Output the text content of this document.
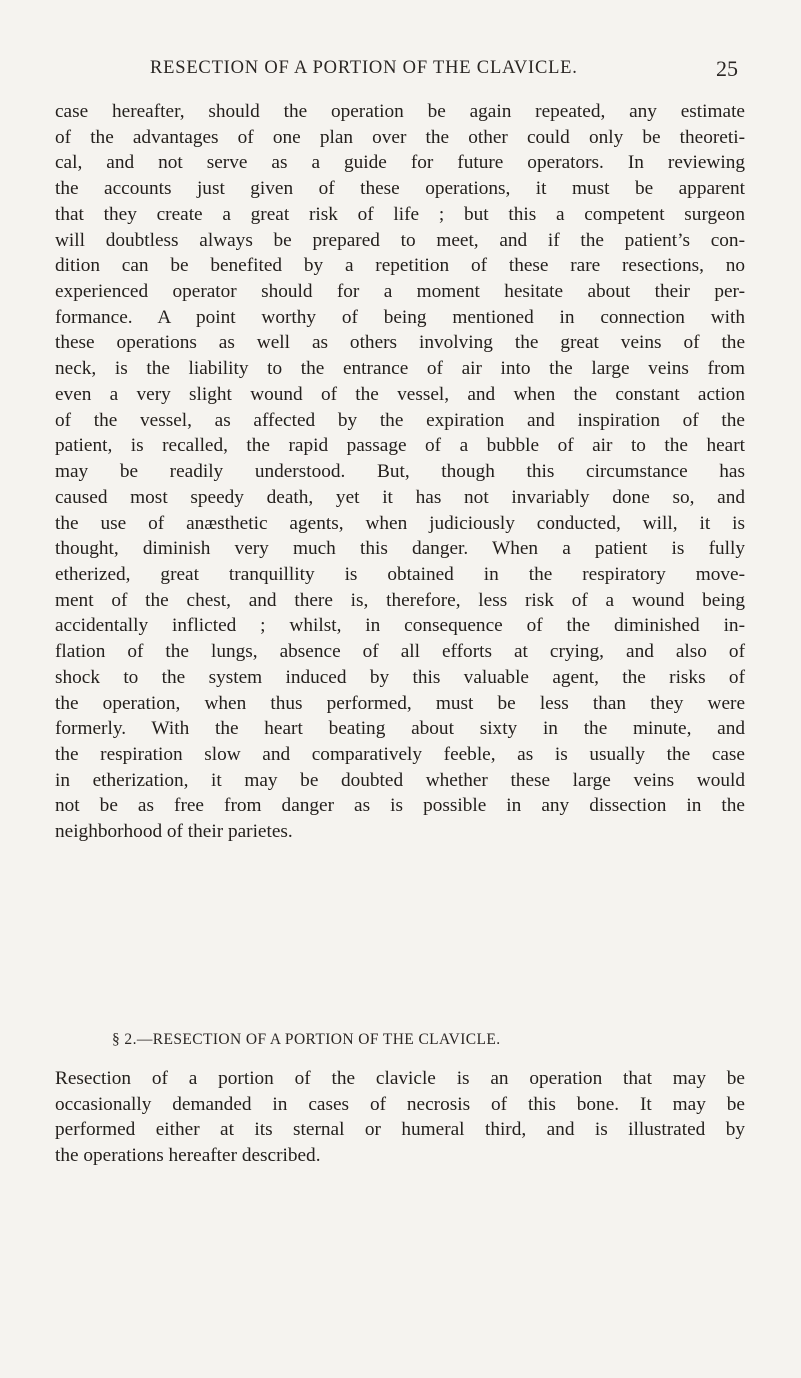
RESECTION OF A PORTION OF THE CLAVICLE.	25
case hereafter, should the operation be again repeated, any estimate
of the advantages of one plan over the other could only be theoreti-
cal, and not serve as a guide for future operators. In reviewing
the accounts just given of these operations, it must be apparent
that they create a great risk of life ; but this a competent surgeon
will doubtless always be prepared to meet, and if the patient’s con-
dition can be benefited by a repetition of these rare resections, no
experienced operator should for a moment hesitate about their per-
formance. A point worthy of being mentioned in connection with
these operations as well as others involving the great veins of the
neck, is the liability to the entrance of air into the large veins from
even a very slight wound of the vessel, and when the constant action
of the vessel, as affected by the expiration and inspiration of the
patient, is recalled, the rapid passage of a bubble of air to the heart
may be readily understood. But, though this circumstance has
caused most speedy death, yet it has not invariably done so, and
the use of anæsthetic agents, when judiciously conducted, will, it is
thought, diminish very much this danger. When a patient is fully
etherized, great tranquillity is obtained in the respiratory move-
ment of the chest, and there is, therefore, less risk of a wound being
accidentally inflicted ; whilst, in consequence of the diminished in-
flation of the lungs, absence of all efforts at crying, and also of
shock to the system induced by this valuable agent, the risks of
the operation, when thus performed, must be less than they were
formerly. With the heart beating about sixty in the minute, and
the respiration slow and comparatively feeble, as is usually the case
in etherization, it may be doubted whether these large veins would
not be as free from danger as is possible in any dissection in the
neighborhood of their parietes.
§ 2.—RESECTION OF A PORTION OF THE CLAVICLE.
Resection of a portion of the clavicle is an operation that may be
occasionally demanded in cases of necrosis of this bone. It may be
performed either at its sternal or humeral third, and is illustrated by
the operations hereafter described.
